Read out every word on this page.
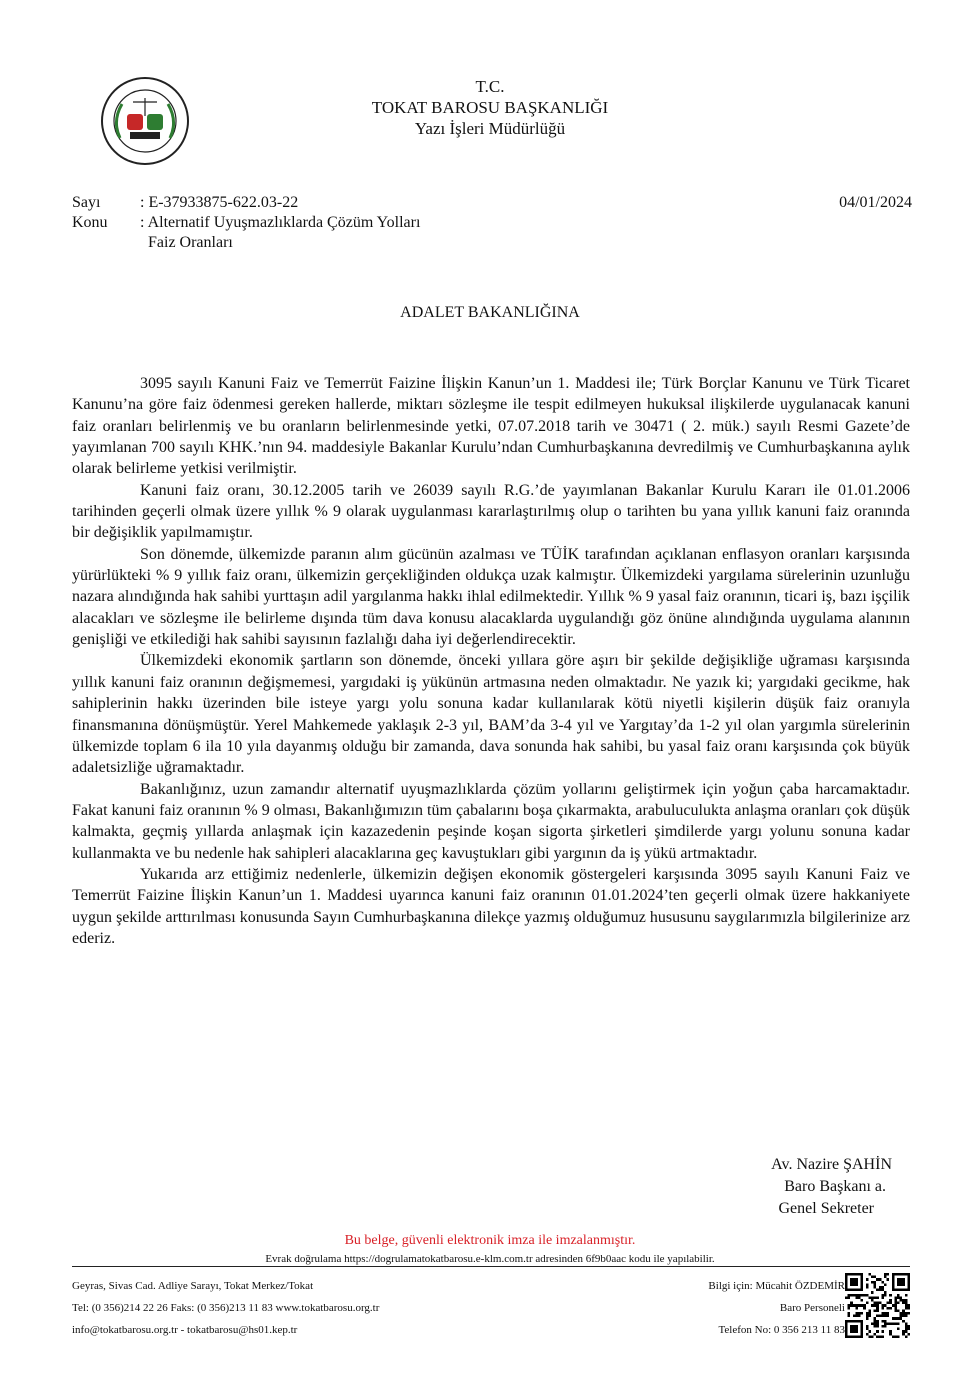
T.C.
TOKAT BAROSU BAŞKANLIĞI
Yazı İşleri Müdürlüğü
Sayı	: E-37933875-622.03-22
Konu	: Alternatif Uyuşmazlıklarda Çözüm Yolları
Faiz Oranları
04/01/2024
ADALET BAKANLIĞINA

3095 sayılı Kanuni Faiz ve Temerrüt Faizine İlişkin Kanun’un 1. Maddesi ile; Türk Borçlar Kanunu ve Türk Ticaret Kanunu’na göre faiz ödenmesi gereken hallerde, miktarı sözleşme ile tespit edilmeyen hukuksal ilişkilerde uygulanacak kanuni faiz oranları belirlenmiş ve bu oranların belirlenmesinde yetki, 07.07.2018 tarih ve 30471 ( 2. mük.) sayılı Resmi Gazete’de yayımlanan 700 sayılı KHK.’nın 94. maddesiyle Bakanlar Kurulu’ndan Cumhurbaşkanına devredilmiş ve Cumhurbaşkanına aylık olarak belirleme yetkisi verilmiştir.

Kanuni faiz oranı, 30.12.2005 tarih ve 26039 sayılı R.G.’de yayımlanan Bakanlar Kurulu Kararı ile 01.01.2006 tarihinden geçerli olmak üzere yıllık % 9 olarak uygulanması kararlaştırılmış olup o tarihten bu yana yıllık kanuni faiz oranında bir değişiklik yapılmamıştır.

Son dönemde, ülkemizde paranın alım gücünün azalması ve TÜİK tarafından açıklanan enflasyon oranları karşısında yürürlükteki % 9 yıllık faiz oranı, ülkemizin gerçekliğinden oldukça uzak kalmıştır. Ülkemizdeki yargılama sürelerinin uzunluğu nazara alındığında hak sahibi yurttaşın adil yargılanma hakkı ihlal edilmektedir. Yıllık % 9 yasal faiz oranının, ticari iş, bazı işçilik alacakları ve sözleşme ile belirleme dışında tüm dava konusu alacaklarda uygulandığı göz önüne alındığında uygulama alanının genişliği ve etkilediği hak sahibi sayısının fazlalığı daha iyi değerlendirecektir.

Ülkemizdeki ekonomik şartların son dönemde, önceki yıllara göre aşırı bir şekilde değişikliğe uğraması karşısında yıllık kanuni faiz oranının değişmemesi, yargıdaki iş yükünün artmasına neden olmaktadır. Ne yazık ki; yargıdaki gecikme, hak sahiplerinin hakkı üzerinden bile isteye yargı yolu sonuna kadar kullanılarak kötü niyetli kişilerin düşük faiz oranıyla finansmanına dönüşmüştür. Yerel Mahkemede yaklaşık 2-3 yıl, BAM’da 3-4 yıl ve Yargıtay’da 1-2 yıl olan yargımla sürelerinin ülkemizde toplam 6 ila 10 yıla dayanmış olduğu bir zamanda, dava sonunda hak sahibi, bu yasal faiz oranı karşısında çok büyük adaletsizliğe uğramaktadır.

Bakanlığınız, uzun zamandır alternatif uyuşmazlıklarda çözüm yollarını geliştirmek için yoğun çaba harcamaktadır. Fakat kanuni faiz oranının % 9 olması, Bakanlığımızın tüm çabalarını boşa çıkarmakta, arabuluculukta anlaşma oranları çok düşük kalmakta, geçmiş yıllarda anlaşmak için kazazedenin peşinde koşan sigorta şirketleri şimdilerde yargı yolunu sonuna kadar kullanmakta ve bu nedenle hak sahipleri alacaklarına geç kavuştukları gibi yargının da iş yükü artmaktadır.

Yukarıda arz ettiğimiz nedenlerle, ülkemizin değişen ekonomik göstergeleri karşısında 3095 sayılı Kanuni Faiz ve Temerrüt Faizine İlişkin Kanun’un 1. Maddesi uyarınca kanuni faiz oranının 01.01.2024’ten geçerli olmak üzere hakkaniyete uygun şekilde arttırılması konusunda Sayın Cumhurbaşkanına dilekçe yazmış olduğumuz hususunu saygılarımızla bilgilerinize arz ederiz.

Av. Nazire ŞAHİN
Baro Başkanı a.
Genel Sekreter
Bu belge, güvenli elektronik imza ile imzalanmıştır.
Evrak doğrulama https://dogrulamatokatbarosu.e-klm.com.tr adresinden 6f9b0aac kodu ile yapılabilir.
Geyras, Sivas Cad. Adliye Sarayı, Tokat Merkez/Tokat
Tel: (0 356)214 22 26 Faks: (0 356)213 11 83 www.tokatbarosu.org.tr
info@tokatbarosu.org.tr - tokatbarosu@hs01.kep.tr
Bilgi için: Mücahit ÖZDEMİR
Baro Personeli
Telefon No: 0 356 213 11 83
